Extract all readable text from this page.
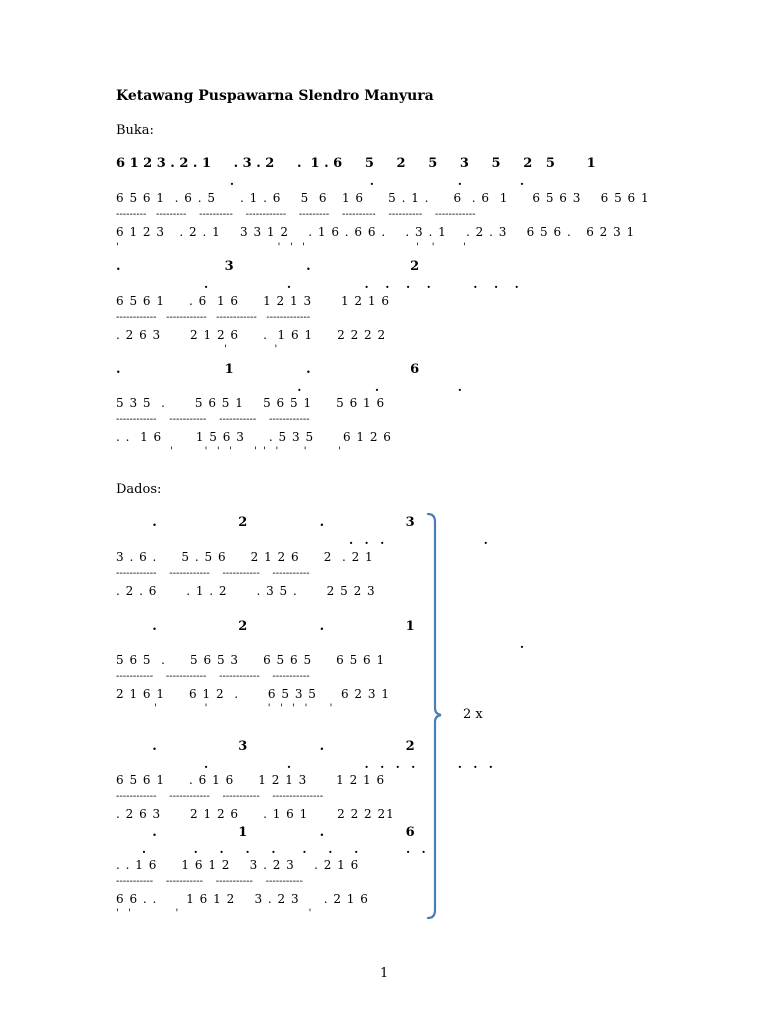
Ketawang Puspawarna Slendro Manyura
Buka:
6 1 2 3 . 2 . 1     . 3 . 2     .  1 . 6     5     2     5     3     5     2   5       1
.                          .                .           .
6 5 6 1  . 6 . 5     . 1 . 6    5  6   1 6     5 . 1 .     6  . 6  1     6 5 6 3    6 5 6 1
---------   ---------    ----------    ------------    ---------    ----------    ----------    ------------
6 1 2 3   . 2 . 1    3 3 1 2    . 1 6 . 6 6 .    . 3 . 1    . 2 . 3    6 5 6 .   6 2 3 1
'                                                  '   '   '                                   '    '         '
.                       3                .                      2
.               .              .   .   .   .        .   .   .
6 5 6 1     . 6  1 6     1 2 1 3      1 2 1 6
------------   ------------   ------------   -------------
. 2 6 3      2 1 2 6     .  1 6 1     2 2 2 2
'               '
.                       1                .                      6
.              .               .
5 3 5  .      5 6 5 1    5 6 5 1     5 6 1 6
------------    -----------    -----------    ------------
. .  1 6       1 5 6 3     . 5 3 5      6 1 2 6
'          '   '   '       '  '   '        '          '
Dados:
.                  2                .                  3
.  .  .                   .
3 . 6 .     5 . 5 6     2 1 2 6     2  . 2 1
------------    ------------    -----------    -----------
. 2 . 6      . 1 . 2      . 3 5 .      2 5 2 3
.                  2                .                  1
.
5 6 5  .     5 6 5 3     6 5 6 5     6 5 6 1
-----------    ------------    ------------    -----------
2 1 6 1     6 1 2  .      6 5 3 5     6 2 3 1
'               '                   '   '   '   '       '
.                  3                .                  2
.               .              .  .  .  .        .  .  .
6 5 6 1     . 6 1 6     1 2 1 3      1 2 1 6
------------    ------------    -----------    ---------------
. 2 6 3      2 1 2 6     . 1 6 1      2 2 2 21
.                  1                .                  6
.         .    .    .    .     .    .    .         .  .
. . 1 6     1 6 1 2    3 . 2 3    . 2 1 6
-----------    -----------    -----------    -----------
6 6 . .      1 6 1 2    3 . 2 3     . 2 1 6
'   '              '                                         '
2 x
1
